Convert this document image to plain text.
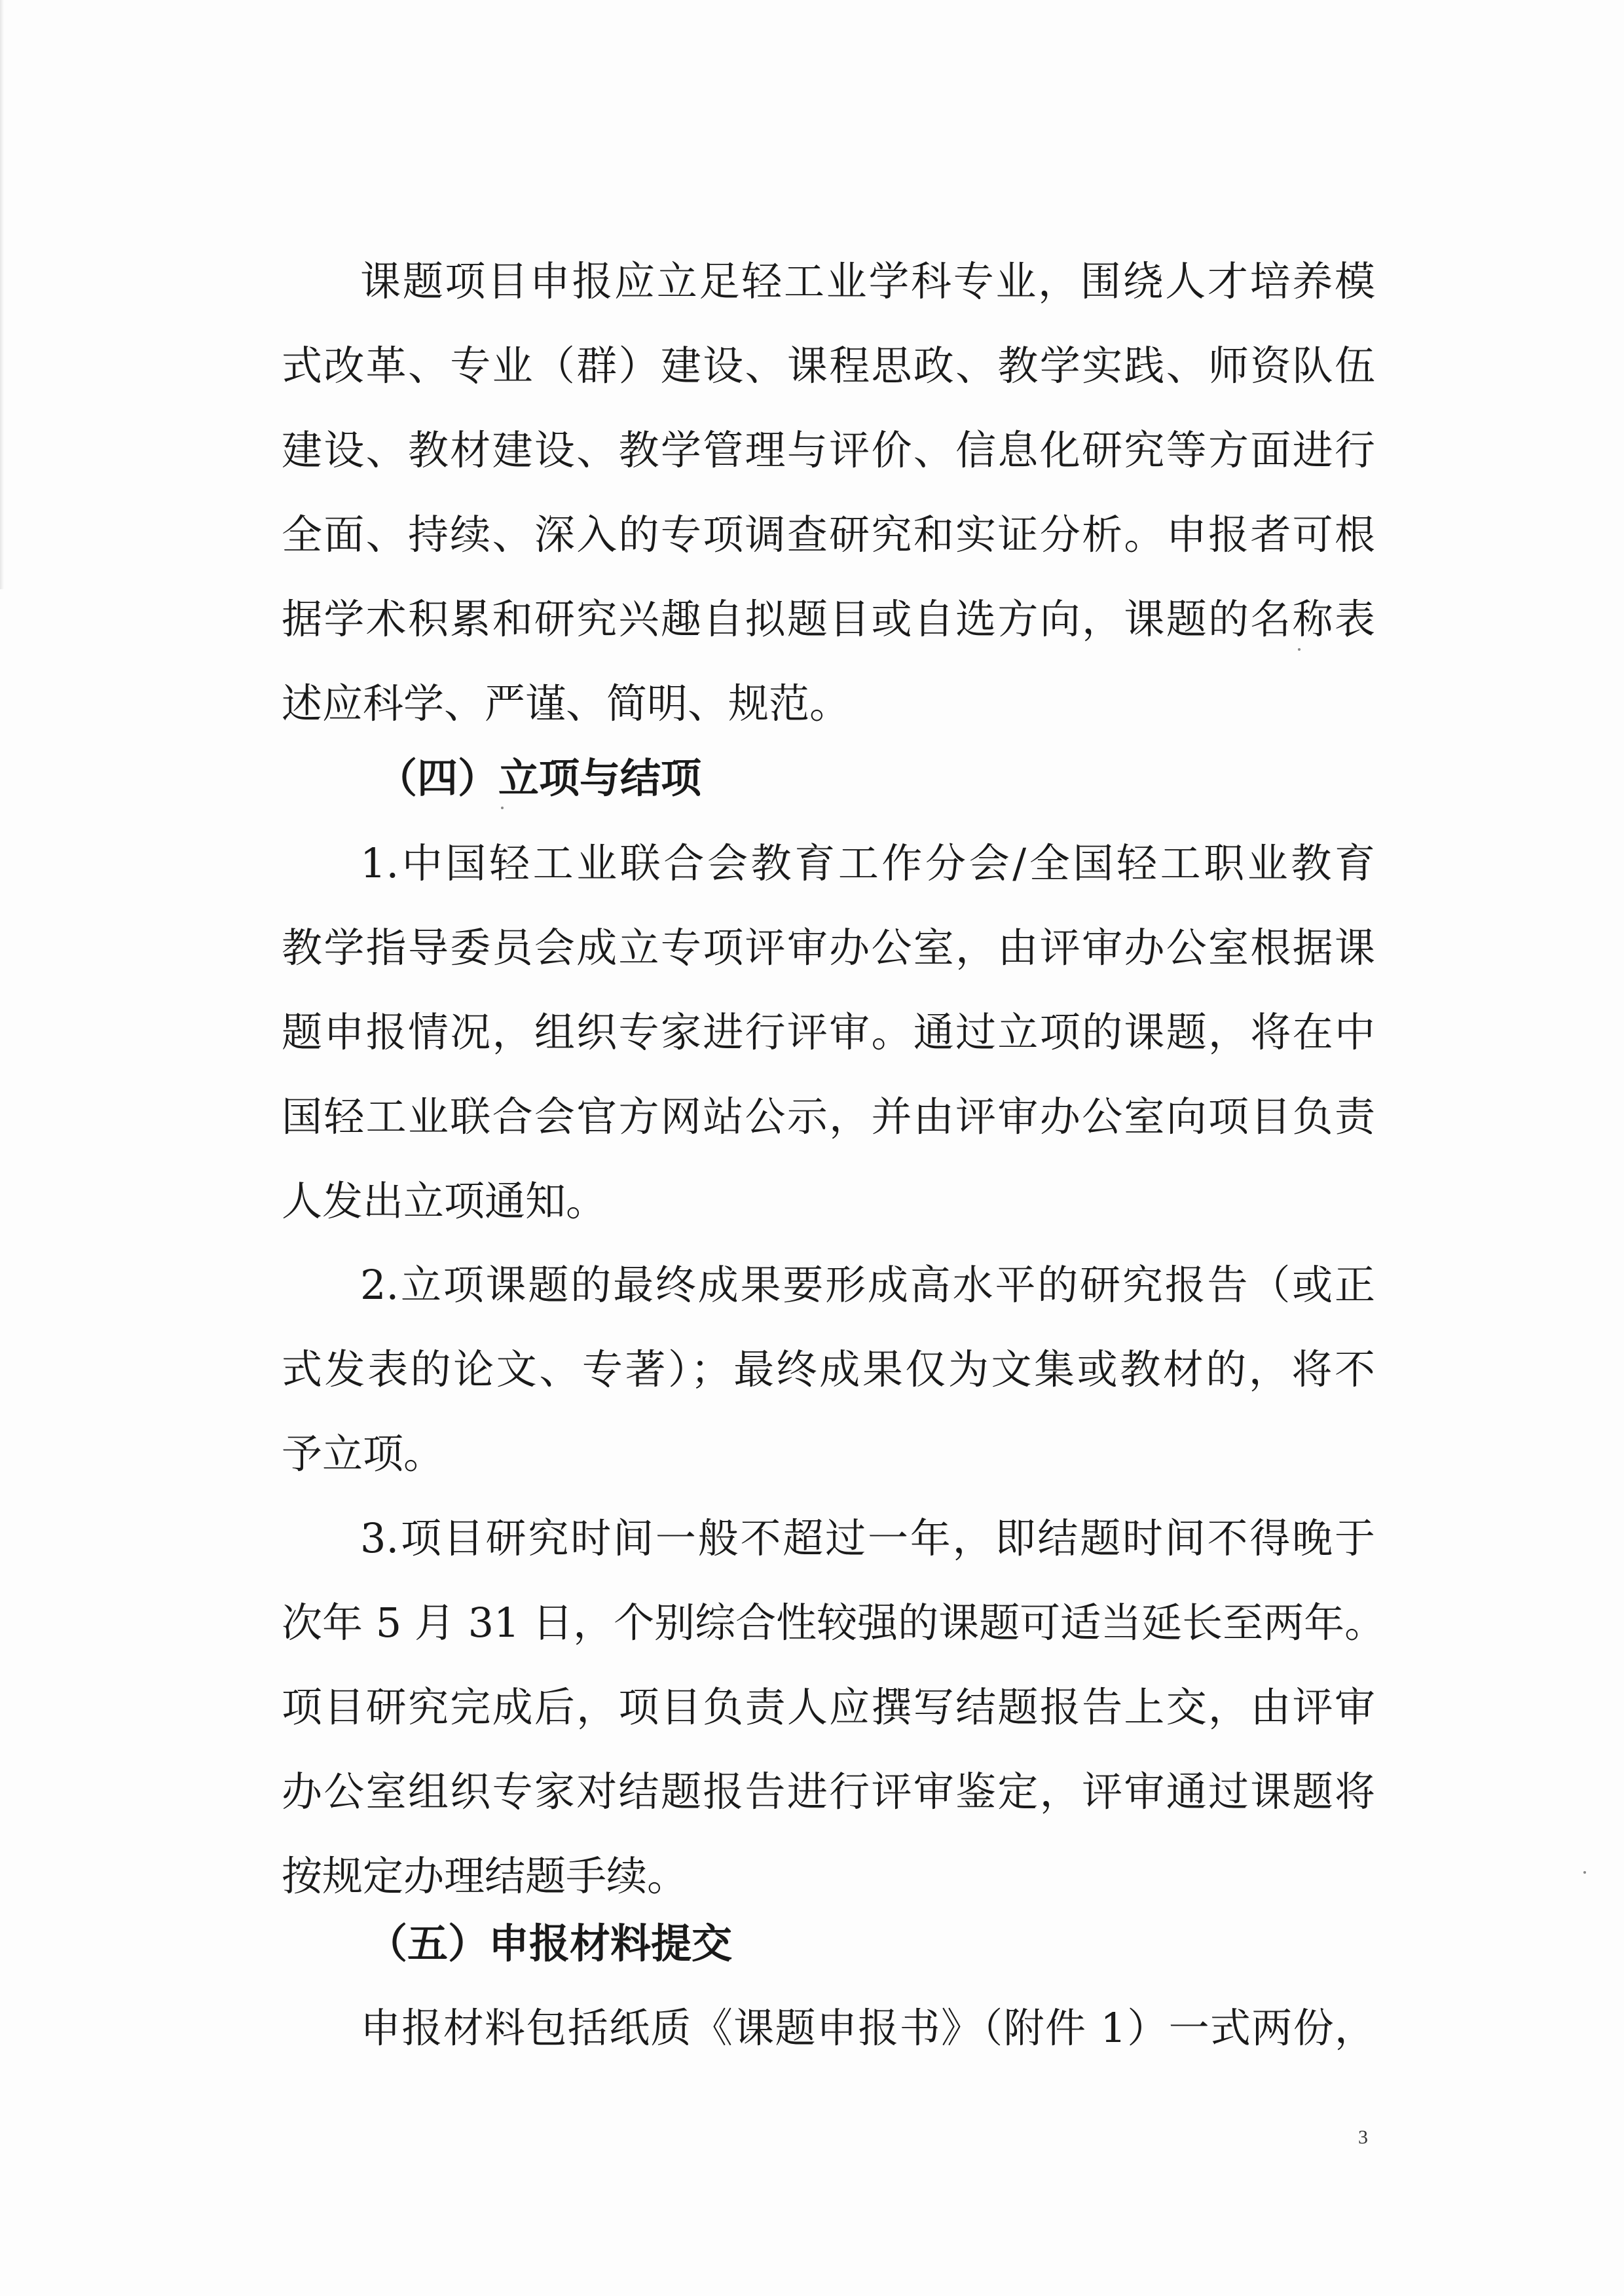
课题项目申报应立足轻工业学科专业，围绕人才培养模
式改革、专业（群）建设、课程思政、教学实践、师资队伍
建设、教材建设、教学管理与评价、信息化研究等方面进行
全面、持续、深入的专项调查研究和实证分析。申报者可根
据学术积累和研究兴趣自拟题目或自选方向，课题的名称表
述应科学、严谨、简明、规范。
（四）立项与结项
1.中国轻工业联合会教育工作分会/全国轻工职业教育
教学指导委员会成立专项评审办公室，由评审办公室根据课
题申报情况，组织专家进行评审。通过立项的课题，将在中
国轻工业联合会官方网站公示，并由评审办公室向项目负责
人发出立项通知。
2.立项课题的最终成果要形成高水平的研究报告（或正
式发表的论文、专著）；最终成果仅为文集或教材的，将不
予立项。
3.项目研究时间一般不超过一年，即结题时间不得晚于
次年 5 月 31 日，个别综合性较强的课题可适当延长至两年。
项目研究完成后，项目负责人应撰写结题报告上交，由评审
办公室组织专家对结题报告进行评审鉴定，评审通过课题将
按规定办理结题手续。
（五）申报材料提交
申报材料包括纸质《课题申报书》（附件 1）一式两份，
3
